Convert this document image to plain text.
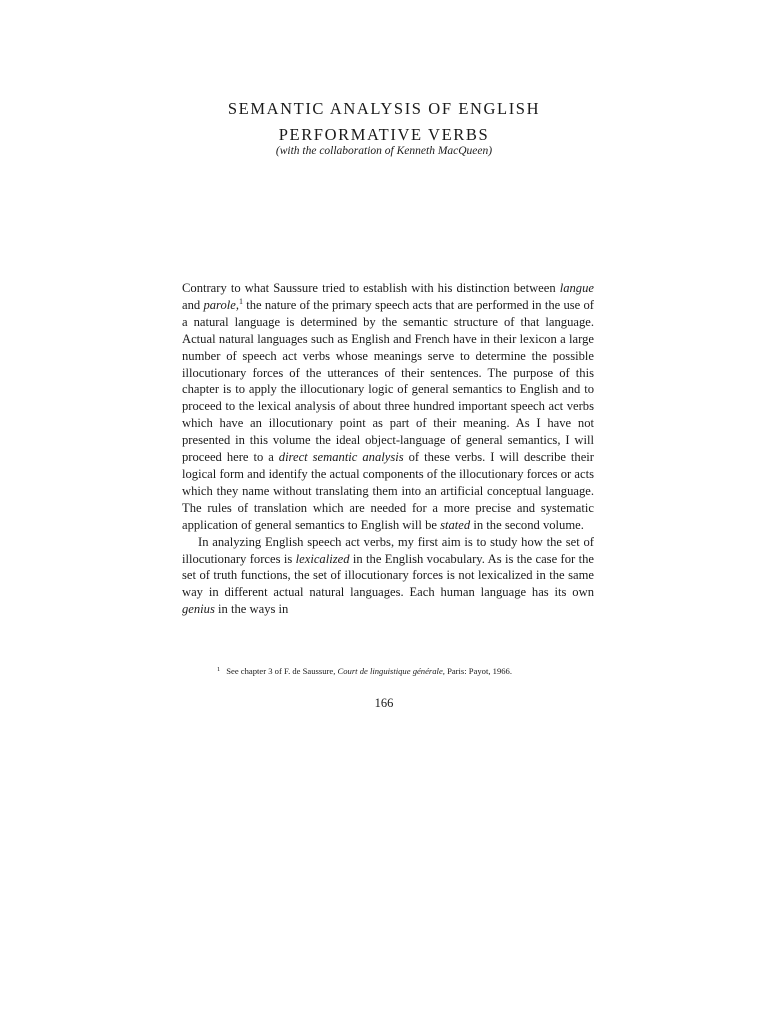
SEMANTIC ANALYSIS OF ENGLISH
PERFORMATIVE VERBS
(with the collaboration of Kenneth MacQueen)

Contrary to what Saussure tried to establish with his distinction between langue and parole,$^1$ the nature of the primary speech acts that are performed in the use of a natural language is determined by the semantic structure of that language. Actual natural languages such as English and French have in their lexicon a large number of speech act verbs whose meanings serve to determine the possible illocutionary forces of the utterances of their sentences. The purpose of this chapter is to apply the illocutionary logic of general semantics to English and to proceed to the lexical analysis of about three hundred important speech act verbs which have an illocutionary point as part of their meaning. As I have not presented in this volume the ideal object-language of general semantics, I will proceed here to a direct semantic analysis of these verbs. I will describe their logical form and identify the actual components of the illocutionary forces or acts which they name without translating them into an artificial conceptual language. The rules of translation which are needed for a more precise and systematic application of general semantics to English will be stated in the second volume.

In analyzing English speech act verbs, my first aim is to study how the set of illocutionary forces is lexicalized in the English vocabulary. As is the case for the set of truth functions, the set of illocutionary forces is not lexicalized in the same way in different actual natural languages. Each human language has its own genius in the ways in

$^1$ See chapter 3 of F. de Saussure, Court de linguistique générale, Paris: Payot, 1966.
166
